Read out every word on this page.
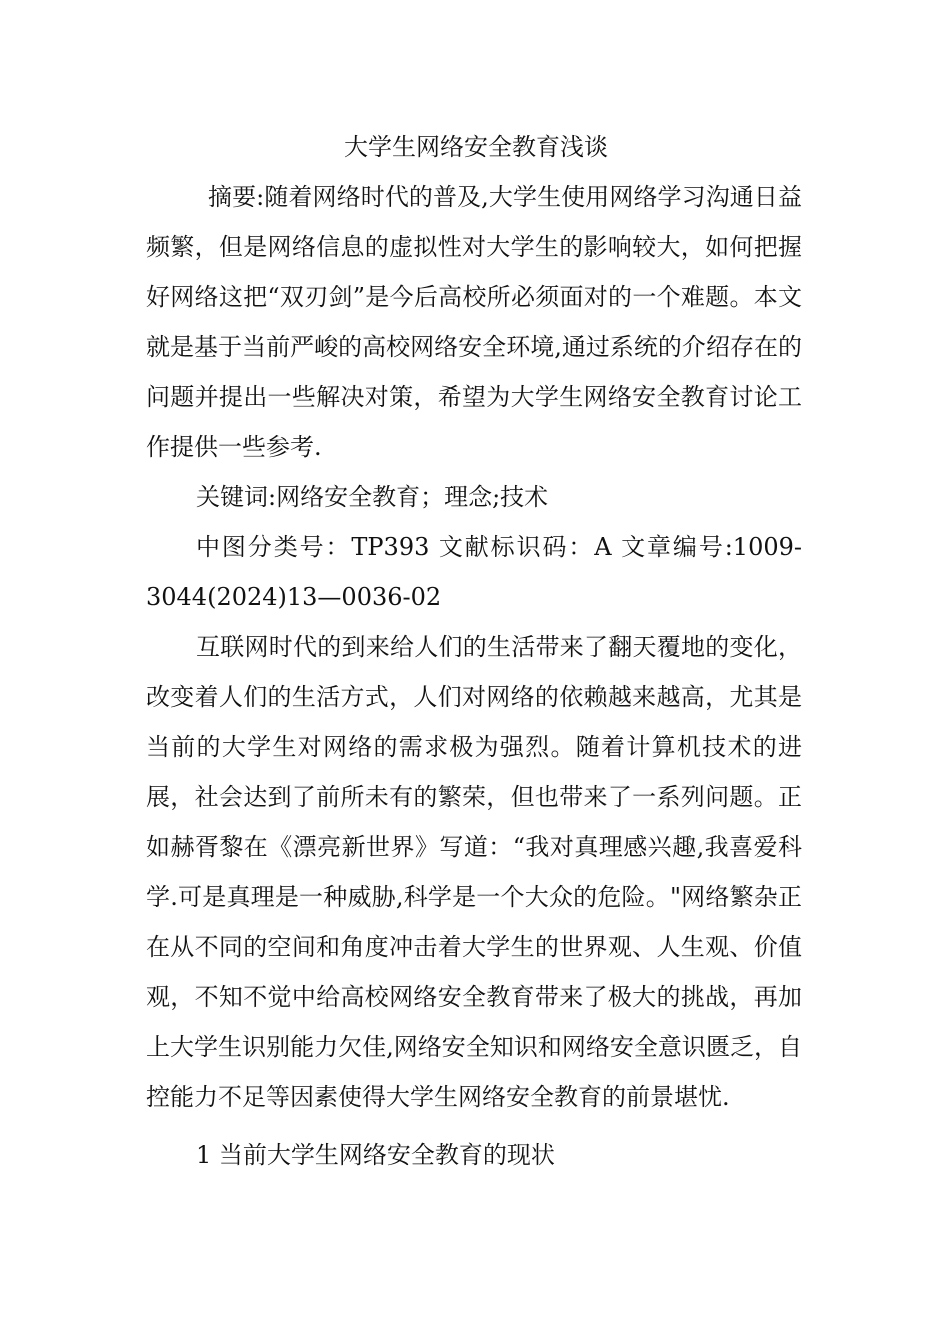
大学生网络安全教育浅谈

摘要:随着网络时代的普及,大学生使用网络学习沟通日益频繁，但是网络信息的虚拟性对大学生的影响较大，如何把握好网络这把“双刃剑”是今后高校所必须面对的一个难题。本文就是基于当前严峻的高校网络安全环境,通过系统的介绍存在的问题并提出一些解决对策，希望为大学生网络安全教育讨论工作提供一些参考.

关键词:网络安全教育；理念;技术

中图分类号：TP393 文献标识码：A 文章编号:1009-3044(2024)13—0036-02

互联网时代的到来给人们的生活带来了翻天覆地的变化，改变着人们的生活方式，人们对网络的依赖越来越高，尤其是当前的大学生对网络的需求极为强烈。随着计算机技术的进展，社会达到了前所未有的繁荣，但也带来了一系列问题。正如赫胥黎在《漂亮新世界》写道：“我对真理感兴趣,我喜爱科学.可是真理是一种威胁,科学是一个大众的危险。"网络繁杂正在从不同的空间和角度冲击着大学生的世界观、人生观、价值观，不知不觉中给高校网络安全教育带来了极大的挑战，再加上大学生识别能力欠佳,网络安全知识和网络安全意识匮乏，自控能力不足等因素使得大学生网络安全教育的前景堪忧.

1 当前大学生网络安全教育的现状
